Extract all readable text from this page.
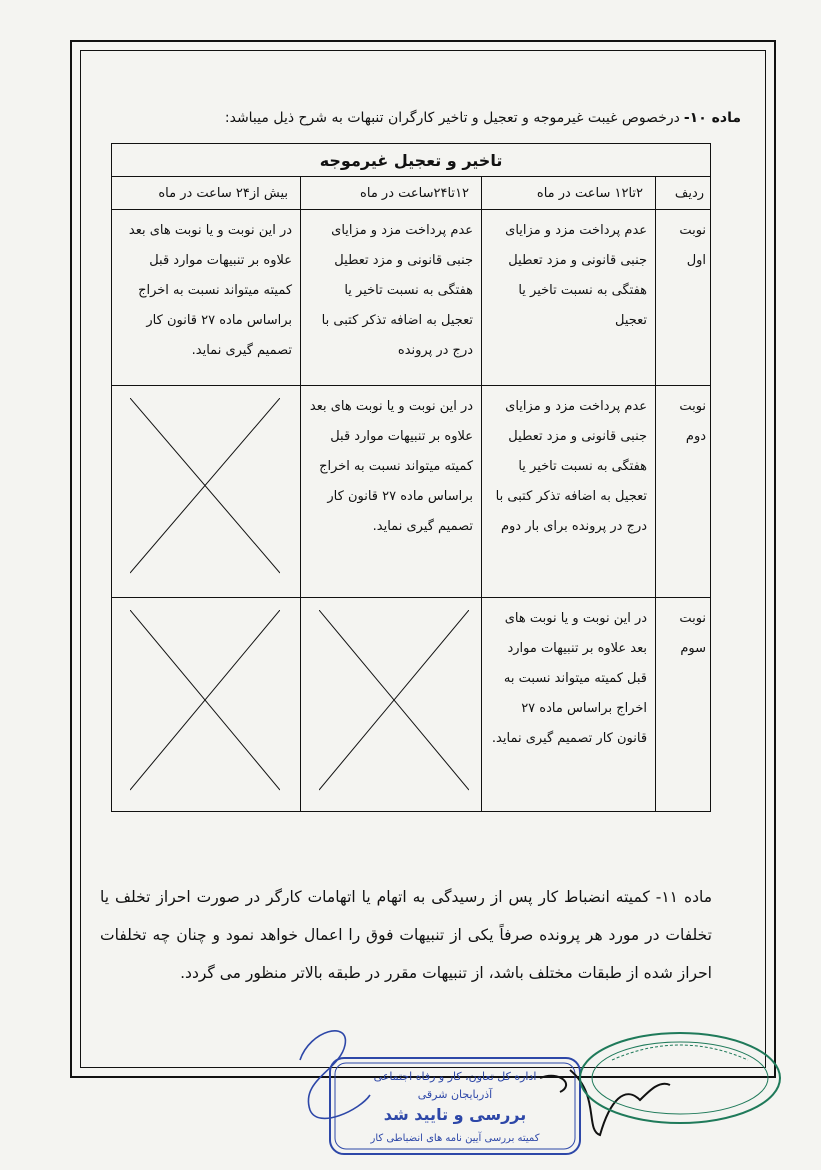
ماده ۱۰-درخصوص غیبت غیرموجه و تعجیل و تاخیر کارگران تنبهات به شرح ذیل میباشد:
تاخیر و تعجیل غیرموجه			
ردیف	۲تا۱۲ ساعت در ماه	۱۲تا۲۴ساعت در ماه	بیش از۲۴ ساعت در ماه
نوبت اول	عدم پرداخت مزد و مزایای جنبی قانونی و مزد تعطیل هفتگی به نسبت تاخیر یا تعجیل	عدم پرداخت مزد و مزایای جنبی قانونی و مزد تعطیل هفتگی به نسبت تاخیر یا تعجیل به اضافه تذکر کتبی با درج در پرونده	در این نوبت و یا نوبت های بعد علاوه بر تنبیهات موارد قبل کمیته میتواند نسبت به اخراج براساس ماده ۲۷ قانون کار تصمیم گیری نماید.
نوبت دوم	عدم پرداخت مزد و مزایای جنبی قانونی و مزد تعطیل هفتگی به نسبت تاخیر یا تعجیل به اضافه تذکر کتبی با درج در پرونده برای بار دوم	در این نوبت و یا نوبت های بعد علاوه بر تنبیهات موارد قبل کمیته میتواند نسبت به اخراج براساس ماده ۲۷ قانون کار تصمیم گیری نماید.	

نوبت سوم	در این نوبت و یا نوبت های بعد علاوه بر تنبیهات موارد قبل کمیته میتواند نسبت به اخراج براساس ماده ۲۷ قانون کار تصمیم گیری نماید.	

ماده ۱۱- کمیته انضباط کار پس از رسیدگی به اتهام یا اتهامات کارگر در صورت احراز تخلف یا تخلفات در مورد هر پرونده صرفاً یکی از تنبیهات فوق را اعمال خواهد نمود و چنان چه تخلفات احراز شده از طبقات مختلف باشد، از تنبیهات مقرر در طبقه بالاتر منظور می گردد.
اداره کل تعاون، کار و رفاه اجتماعی
آذربایجان شرقی
بررسی و تایید شد
کمیته بررسی آیین نامه های انضباطی کار
